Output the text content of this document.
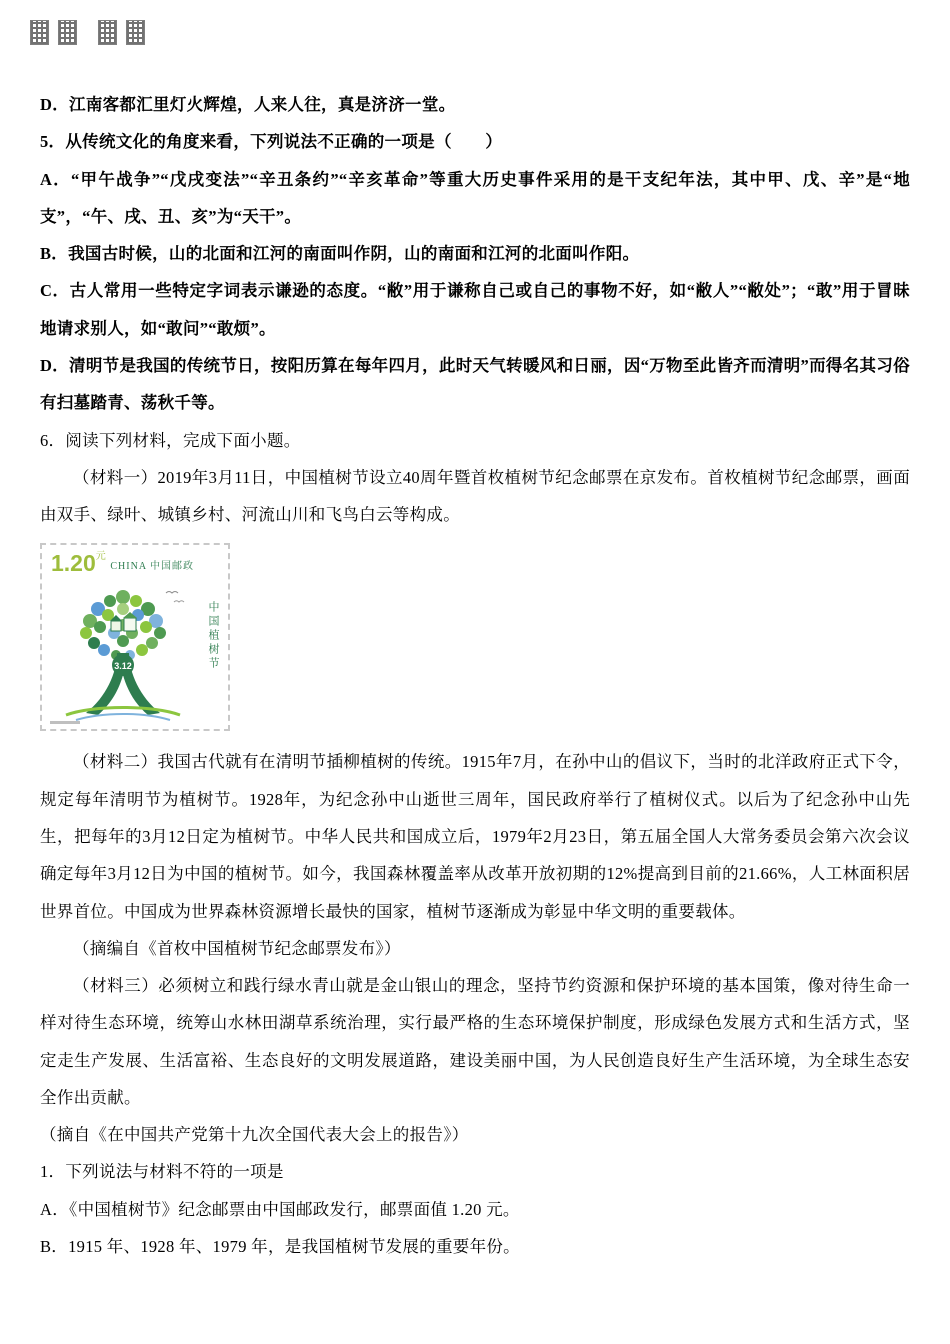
D．江南客都汇里灯火辉煌，人来人往，真是济济一堂。

5．从传统文化的角度来看，下列说法不正确的一项是（　　）

A．“甲午战争”“戊戌变法”“辛丑条约”“辛亥革命”等重大历史事件采用的是干支纪年法，其中甲、戊、辛”是“地支”，“午、戌、丑、亥”为“天干”。

B．我国古时候，山的北面和江河的南面叫作阴，山的南面和江河的北面叫作阳。

C．古人常用一些特定字词表示谦逊的态度。“敝”用于谦称自己或自己的事物不好，如“敝人”“敝处”；“敢”用于冒昧地请求别人，如“敢问”“敢烦”。

D．清明节是我国的传统节日，按阳历算在每年四月，此时天气转暖风和日丽，因“万物至此皆齐而清明”而得名其习俗有扫墓踏青、荡秋千等。

6．阅读下列材料，完成下面小题。

（材料一）2019年3月11日，中国植树节设立40周年暨首枚植树节纪念邮票在京发布。首枚植树节纪念邮票，画面由双手、绿叶、城镇乡村、河流山川和飞鸟白云等构成。

$1.20^元$
CHINA 中国邮政
3.12	中国植树节

（材料二）我国古代就有在清明节插柳植树的传统。1915年7月，在孙中山的倡议下，当时的北洋政府正式下令，规定每年清明节为植树节。1928年，为纪念孙中山逝世三周年，国民政府举行了植树仪式。以后为了纪念孙中山先生，把每年的3月12日定为植树节。中华人民共和国成立后，1979年2月23日，第五届全国人大常务委员会第六次会议确定每年3月12日为中国的植树节。如今，我国森林覆盖率从改革开放初期的12%提高到目前的21.66%，人工林面积居世界首位。中国成为世界森林资源增长最快的国家，植树节逐渐成为彰显中华文明的重要载体。

（摘编自《首枚中国植树节纪念邮票发布》）

（材料三）必须树立和践行绿水青山就是金山银山的理念，坚持节约资源和保护环境的基本国策，像对待生命一样对待生态环境，统筹山水林田湖草系统治理，实行最严格的生态环境保护制度，形成绿色发展方式和生活方式，坚定走生产发展、生活富裕、生态良好的文明发展道路，建设美丽中国，为人民创造良好生产生活环境，为全球生态安全作出贡献。

（摘自《在中国共产党第十九次全国代表大会上的报告》）

1．下列说法与材料不符的一项是

A．《中国植树节》纪念邮票由中国邮政发行，邮票面值 1.20 元。

B．1915 年、1928 年、1979 年，是我国植树节发展的重要年份。
